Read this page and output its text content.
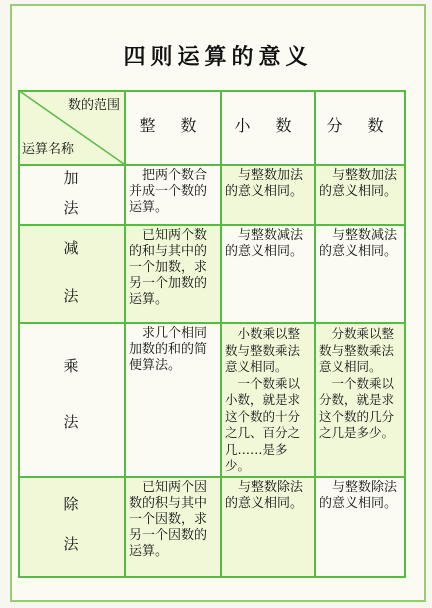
四则运算的意义
数的范围
运算名称
整 数	小 数	分 数
加
法
　把两个数合
并成一个数的
运算。
　与整数加法
的意义相同。
　与整数加法
的意义相同。
减
法
　已知两个数
的和与其中的
一个加数，求
另一个加数的
运算。
　与整数减法
的意义相同。
　与整数减法
的意义相同。
乘
法
　求几个相同
加数的和的简
便算法。
　小数乘以整
数与整数乘法
意义相同。
　一个数乘以
小数，就是求
这个数的十分
之几、百分之
几……是多少。
　分数乘以整
数与整数乘法
意义相同。
　一个数乘以
分数，就是求
这个数的几分
之几是多少。
除
法
　已知两个因
数的积与其中
一个因数，求
另一个因数的
运算。
　与整数除法
的意义相同。
　与整数除法
的意义相同。
